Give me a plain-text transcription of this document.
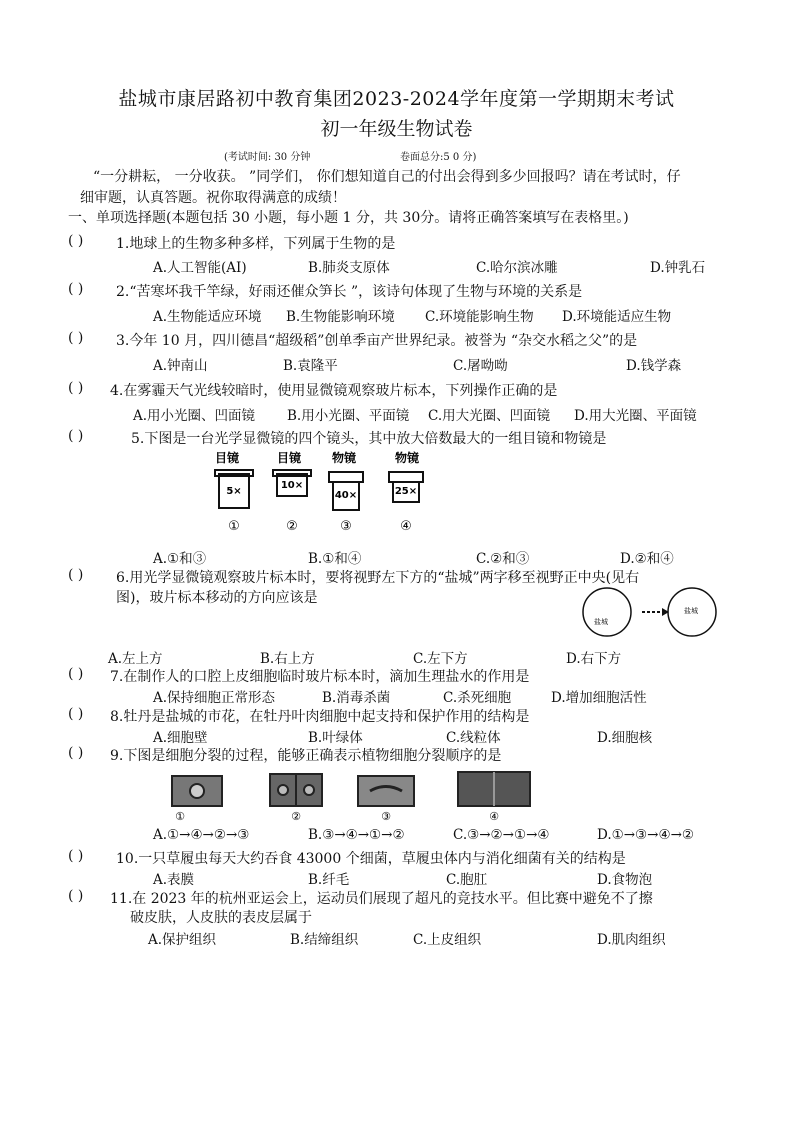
盐城市康居路初中教育集团2023-2024学年度第一学期期末考试
初一年级生物试卷
(考试时间: 30 分钟	卷面总分:5 0 分)
“一分耕耘， 一分收获。 ”同学们， 你们想知道自己的付出会得到多少回报吗？请在考试时，仔
细审题，认真答题。祝你取得满意的成绩！
一、单项选择题(本题包括 30 小题，每小题 1 分，共 30分。请将正确答案填写在表格里。)
( ) 1.地球上的生物多种多样，下列属于生物的是
A.人工智能(AI)	B.肺炎支原体	C.哈尔滨冰雕	D.钟乳石
( ) 2.“苦寒坏我千竿绿，好雨还催众笋长 ”，该诗句体现了生物与环境的关系是
A.生物能适应环境 B.生物能影响环境 C.环境能影响生物 D.环境能适应生物
( ) 3.今年 10 月，四川德昌“超级稻”创单季亩产世界纪录。被誉为 “杂交水稻之父”的是
A.钟南山	B.袁隆平	C.屠呦呦	D.钱学森
( ) 4.在雾霾天气光线较暗时，使用显微镜观察玻片标本，下列操作正确的是
A.用小光圈、凹面镜 B.用小光圈、平面镜 C.用大光圈、凹面镜 D.用大光圈、平面镜
( )	5.下图是一台光学显微镜的四个镜头，其中放大倍数最大的一组目镜和物镜是
目镜	目镜	物镜	物镜
5×
10×
40×	25×
①	②	③	④
A.①和③	B.①和④	C.②和③	D.②和④
( ) 6.用光学显微镜观察玻片标本时，要将视野左下方的“盐城”两字移至视野正中央(见右
图)，玻片标本移动的方向应该是
盐城
盐城
A.左上方	B.右上方	C.左下方	D.右下方
( ) 7.在制作人的口腔上皮细胞临时玻片标本时，滴加生理盐水的作用是
A.保持细胞正常形态	B.消毒杀菌	C.杀死细胞	D.增加细胞活性
( ) 8.牡丹是盐城的市花，在牡丹叶肉细胞中起支持和保护作用的结构是
A.细胞壁	B.叶绿体	C.线粒体	D.细胞核
( ) 9.下图是细胞分裂的过程，能够正确表示植物细胞分裂顺序的是
①	②	③	④
A.①→④→②→③	B.③→④→①→②	C.③→②→①→④	D.①→③→④→②
( ) 10.一只草履虫每天大约吞食 43000 个细菌，草履虫体内与消化细菌有关的结构是
A.表膜	B.纤毛	C.胞肛	D.食物泡
( ) 11.在 2023 年的杭州亚运会上，运动员们展现了超凡的竞技水平。但比赛中避免不了擦
破皮肤，人皮肤的表皮层属于
A.保护组织	B.结缔组织	C.上皮组织	D.肌肉组织
